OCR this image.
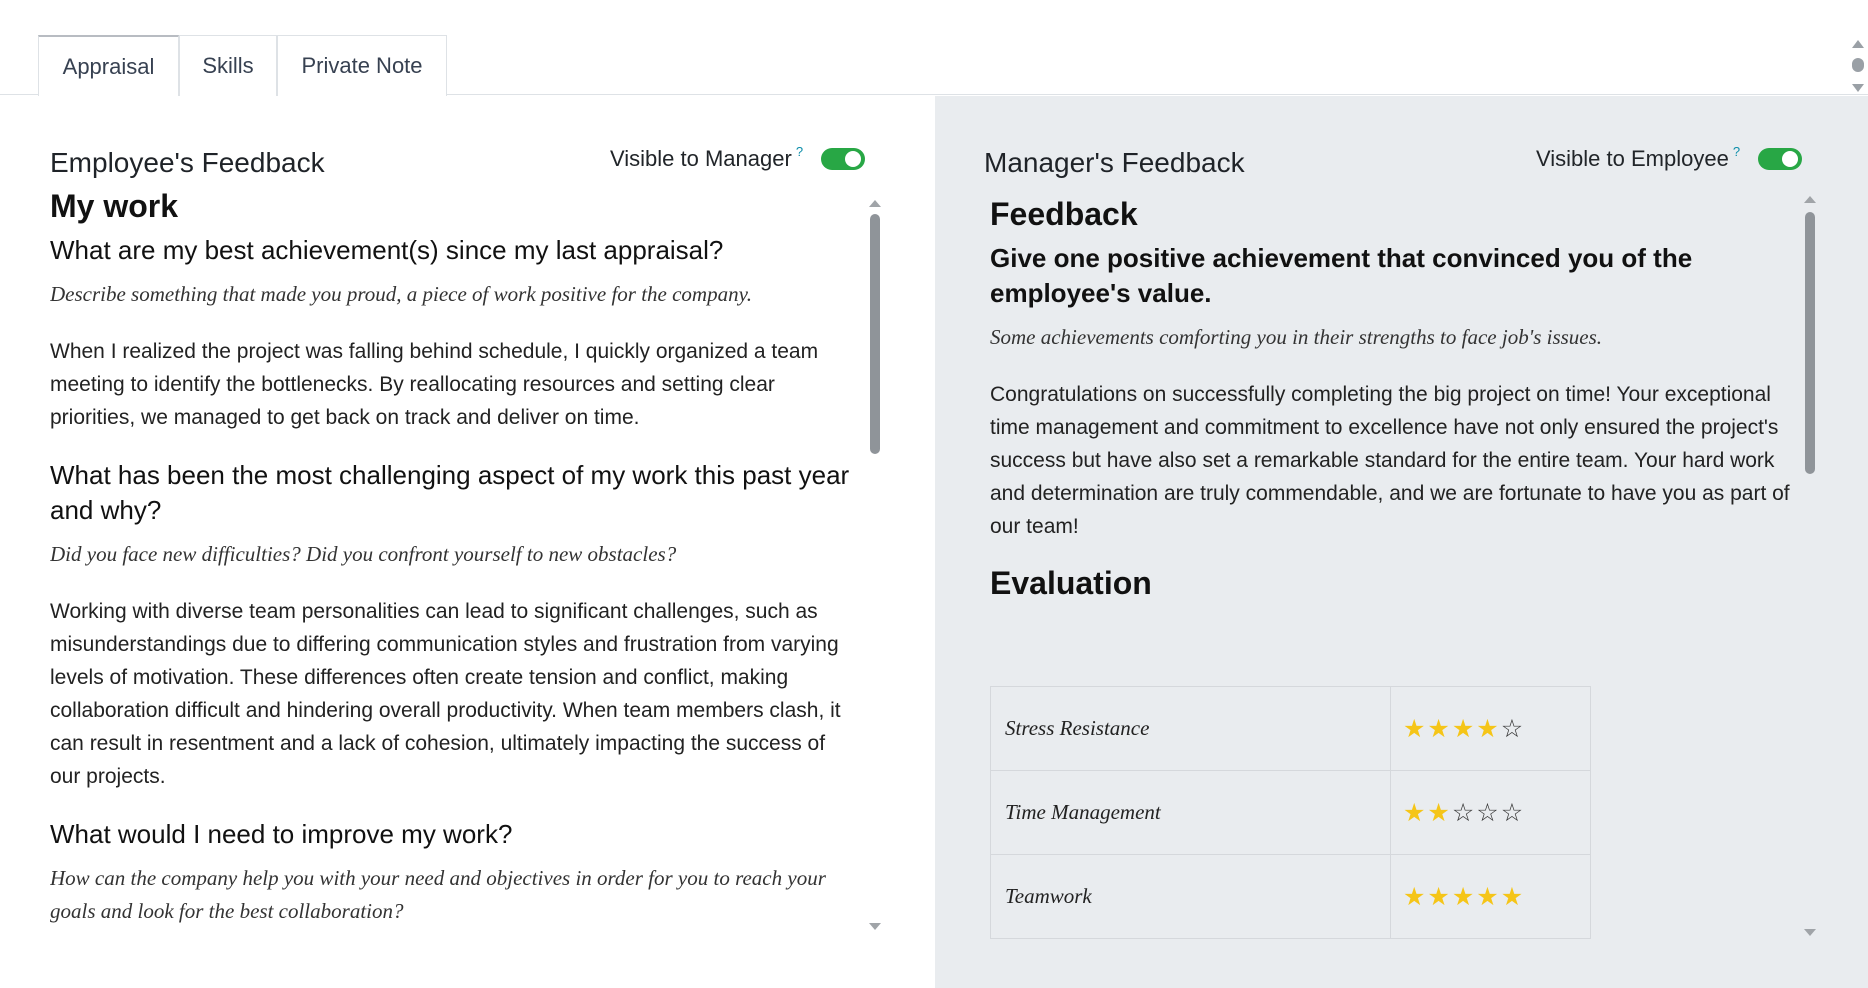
Appraisal	Skills	Private Note
Employee's Feedback	Visible to Manager ?
My work
What are my best achievement(s) since my last appraisal?

Describe something that made you proud, a piece of work positive for the company.

When I realized the project was falling behind schedule, I quickly organized a team meeting to identify the bottlenecks. By reallocating resources and setting clear priorities, we managed to get back on track and deliver on time.

What has been the most challenging aspect of my work this past year and why?

Did you face new difficulties? Did you confront yourself to new obstacles?

Working with diverse team personalities can lead to significant challenges, such as misunderstandings due to differing communication styles and frustration from varying levels of motivation. These differences often create tension and conflict, making collaboration difficult and hindering overall productivity. When team members clash, it can result in resentment and a lack of cohesion, ultimately impacting the success of our projects.

What would I need to improve my work?

How can the company help you with your need and objectives in order for you to reach your goals and look for the best collaboration?

Manager's Feedback	Visible to Employee ?
Feedback
Give one positive achievement that convinced you of the employee's value.

Some achievements comforting you in their strengths to face job's issues.

Congratulations on successfully completing the big project on time! Your exceptional time management and commitment to excellence have not only ensured the project's success but have also set a remarkable standard for the entire team. Your hard work and determination are truly commendable, and we are fortunate to have you as part of our team!

Evaluation
Stress Resistance	★★★★☆
Time Management	★★☆☆☆
Teamwork	★★★★★
